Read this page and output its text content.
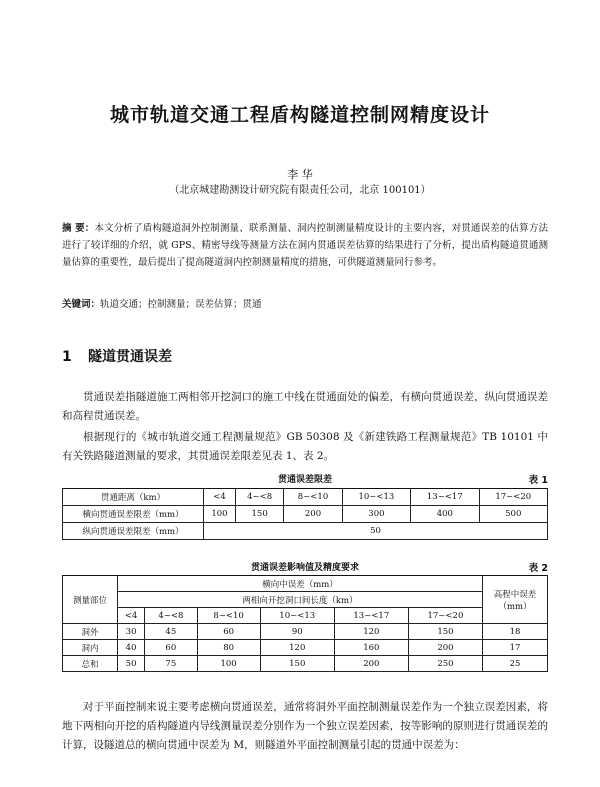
城市轨道交通工程盾构隧道控制网精度设计
李 华
（北京城建勘测设计研究院有限责任公司，北京 100101）
摘 要：本文分析了盾构隧道洞外控制测量、联系测量、洞内控制测量精度设计的主要内容，对贯通误差的估算方法进行了较详细的介绍，就 GPS、精密导线等测量方法在洞内贯通误差估算的结果进行了分析，提出盾构隧道贯通测量估算的重要性，最后提出了提高隧道洞内控制测量精度的措施，可供隧道测量同行参考。
关键词：轨道交通；控制测量；误差估算；贯通
1 隧道贯通误差
贯通误差指隧道施工两相邻开挖洞口的施工中线在贯通面处的偏差，有横向贯通误差，纵向贯通误差和高程贯通误差。
根据现行的《城市轨道交通工程测量规范》GB 50308 及《新建铁路工程测量规范》TB 10101 中有关铁路隧道测量的要求，其贯通误差限差见表 1、表 2。
贯通误差限差	表 1
贯通距离（km）	<4	4~<8	8~<10	10~<13	13~<17	17~<20
横向贯通误差限差（mm）	100	150	200	300	400	500
纵向贯通误差限差（mm）	50					
贯通误差影响值及精度要求	表 2
测量部位	横向中误差（mm）						高程中误差（mm）
	两相向开挖洞口间长度（km）						
	<4	4~<8	8~<10	10~<13	13~<17	17~<20	
洞外	30	45	60	90	120	150	18
洞内	40	60	80	120	160	200	17
总和	50	75	100	150	200	250	25
对于平面控制来说主要考虑横向贯通误差，通常将洞外平面控制测量误差作为一个独立误差因素，将地下两相向开挖的盾构隧道内导线测量误差分别作为一个独立误差因素，按等影响的原则进行贯通误差的计算，设隧道总的横向贯通中误差为 M，则隧道外平面控制测量引起的贯通中误差为：
